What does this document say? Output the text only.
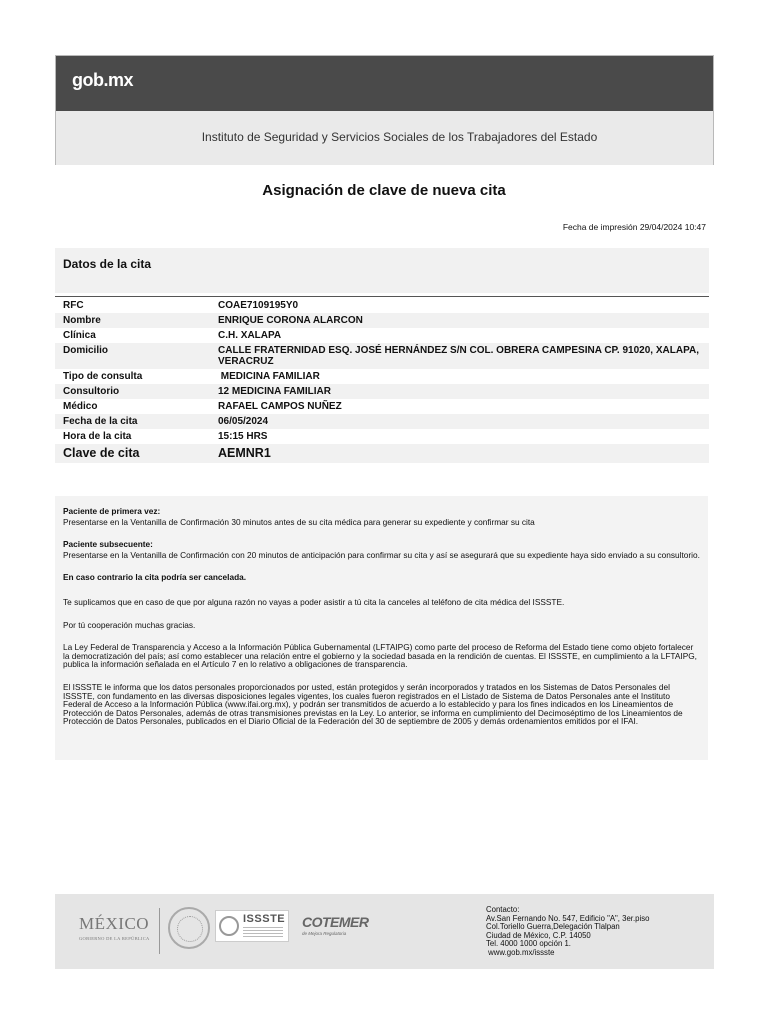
gob.mx
Instituto de Seguridad y Servicios Sociales de los Trabajadores del Estado
Asignación de clave de nueva cita
Fecha de impresión 29/04/2024 10:47
Datos de la cita
RFC	COAE7109195Y0
Nombre	ENRIQUE CORONA ALARCON
Clínica	C.H. XALAPA
Domicilio	CALLE FRATERNIDAD ESQ. JOSÉ HERNÁNDEZ S/N COL. OBRERA CAMPESINA CP. 91020, XALAPA, VERACRUZ
Tipo de consulta	MEDICINA FAMILIAR
Consultorio	12 MEDICINA FAMILIAR
Médico	RAFAEL CAMPOS NUÑEZ
Fecha de la cita	06/05/2024
Hora de la cita	15:15 HRS
Clave de cita	AEMNR1

Paciente de primera vez:

Presentarse en la Ventanilla de Confirmación 30 minutos antes de su cita médica para generar su expediente y confirmar su cita

Paciente subsecuente:

Presentarse en la Ventanilla de Confirmación con 20 minutos de anticipación para confirmar su cita y así se asegurará que su expediente haya sido enviado a su consultorio.

En caso contrario la cita podría ser cancelada.

Te suplicamos que en caso de que por alguna razón no vayas a poder asistir a tú cita la canceles al teléfono de cita médica del ISSSTE.

Por tú cooperación muchas gracias.

La Ley Federal de Transparencia y Acceso a la Información Pública Gubernamental (LFTAIPG) como parte del proceso de Reforma del Estado tiene como objeto fortalecer la democratización del país; así como establecer una relación entre el gobierno y la sociedad basada en la rendición de cuentas. El ISSSTE, en cumplimiento a la LFTAIPG, publica la información señalada en el Artículo 7 en lo relativo a obligaciones de transparencia.

El ISSSTE le informa que los datos personales proporcionados por usted, están protegidos y serán incorporados y tratados en los Sistemas de Datos Personales del ISSSTE, con fundamento en las diversas disposiciones legales vigentes, los cuales fueron registrados en el Listado de Sistema de Datos Personales ante el Instituto Federal de Acceso a la Información Pública (www.ifai.org.mx), y podrán ser transmitidos de acuerdo a lo establecido y para los fines indicados en los Lineamientos de Protección de Datos Personales, además de otras transmisiones previstas en la Ley. Lo anterior, se informa en cumplimiento del Decimoséptimo de los Lineamientos de Protección de Datos Personales, publicados en el Diario Oficial de la Federación del 30 de septiembre de 2005 y demás ordenamientos emitidos por el IFAI.

MÉXICO
GOBIERNO DE LA REPÚBLICA
ISSSTE COTEMER
de Mejora Regulatoria
Contacto:
Av.San Fernando No. 547, Edificio "A", 3er.piso
Col.Toriello Guerra,Delegación Tlalpan
Ciudad de México, C.P. 14050
Tel. 4000 1000 opción 1.
www.gob.mx/issste
